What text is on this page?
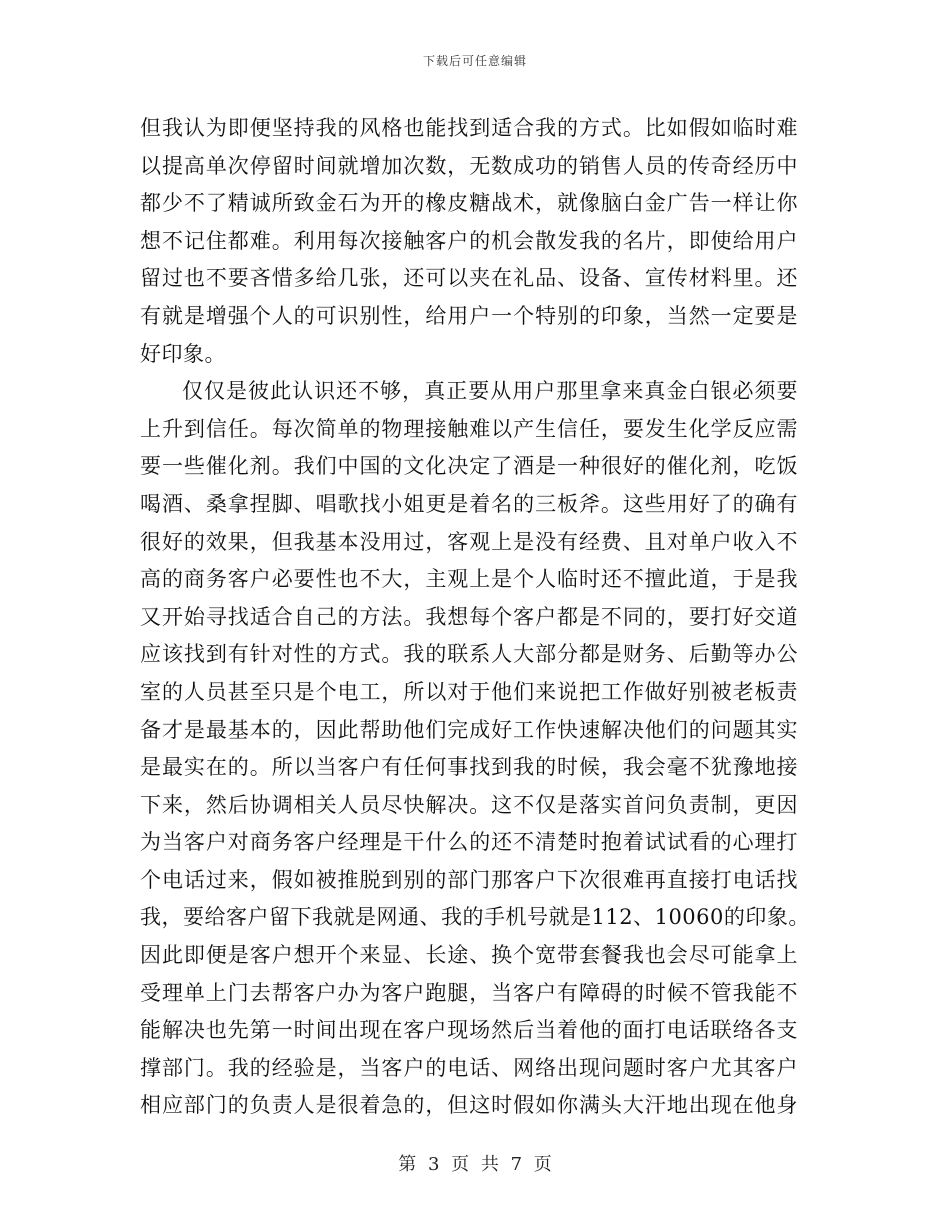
下载后可任意编辑
但我认为即便坚持我的风格也能找到适合我的方式。比如假如临时难
以提高单次停留时间就增加次数，无数成功的销售人员的传奇经历中
都少不了精诚所致金石为开的橡皮糖战术，就像脑白金广告一样让你
想不记住都难。利用每次接触客户的机会散发我的名片，即使给用户
留过也不要吝惜多给几张，还可以夹在礼品、设备、宣传材料里。还
有就是增强个人的可识别性，给用户一个特别的印象，当然一定要是
好印象。
仅仅是彼此认识还不够，真正要从用户那里拿来真金白银必须要
上升到信任。每次简单的物理接触难以产生信任，要发生化学反应需
要一些催化剂。我们中国的文化决定了酒是一种很好的催化剂，吃饭
喝酒、桑拿捏脚、唱歌找小姐更是着名的三板斧。这些用好了的确有
很好的效果，但我基本没用过，客观上是没有经费、且对单户收入不
高的商务客户必要性也不大，主观上是个人临时还不擅此道，于是我
又开始寻找适合自己的方法。我想每个客户都是不同的，要打好交道
应该找到有针对性的方式。我的联系人大部分都是财务、后勤等办公
室的人员甚至只是个电工，所以对于他们来说把工作做好别被老板责
备才是最基本的，因此帮助他们完成好工作快速解决他们的问题其实
是最实在的。所以当客户有任何事找到我的时候，我会毫不犹豫地接
下来，然后协调相关人员尽快解决。这不仅是落实首问负责制，更因
为当客户对商务客户经理是干什么的还不清楚时抱着试试看的心理打
个电话过来，假如被推脱到别的部门那客户下次很难再直接打电话找
我，要给客户留下我就是网通、我的手机号就是112、10060的印象。
因此即便是客户想开个来显、长途、换个宽带套餐我也会尽可能拿上
受理单上门去帮客户办为客户跑腿，当客户有障碍的时候不管我能不
能解决也先第一时间出现在客户现场然后当着他的面打电话联络各支
撑部门。我的经验是，当客户的电话、网络出现问题时客户尤其客户
相应部门的负责人是很着急的，但这时假如你满头大汗地出现在他身
第 3 页 共 7 页
